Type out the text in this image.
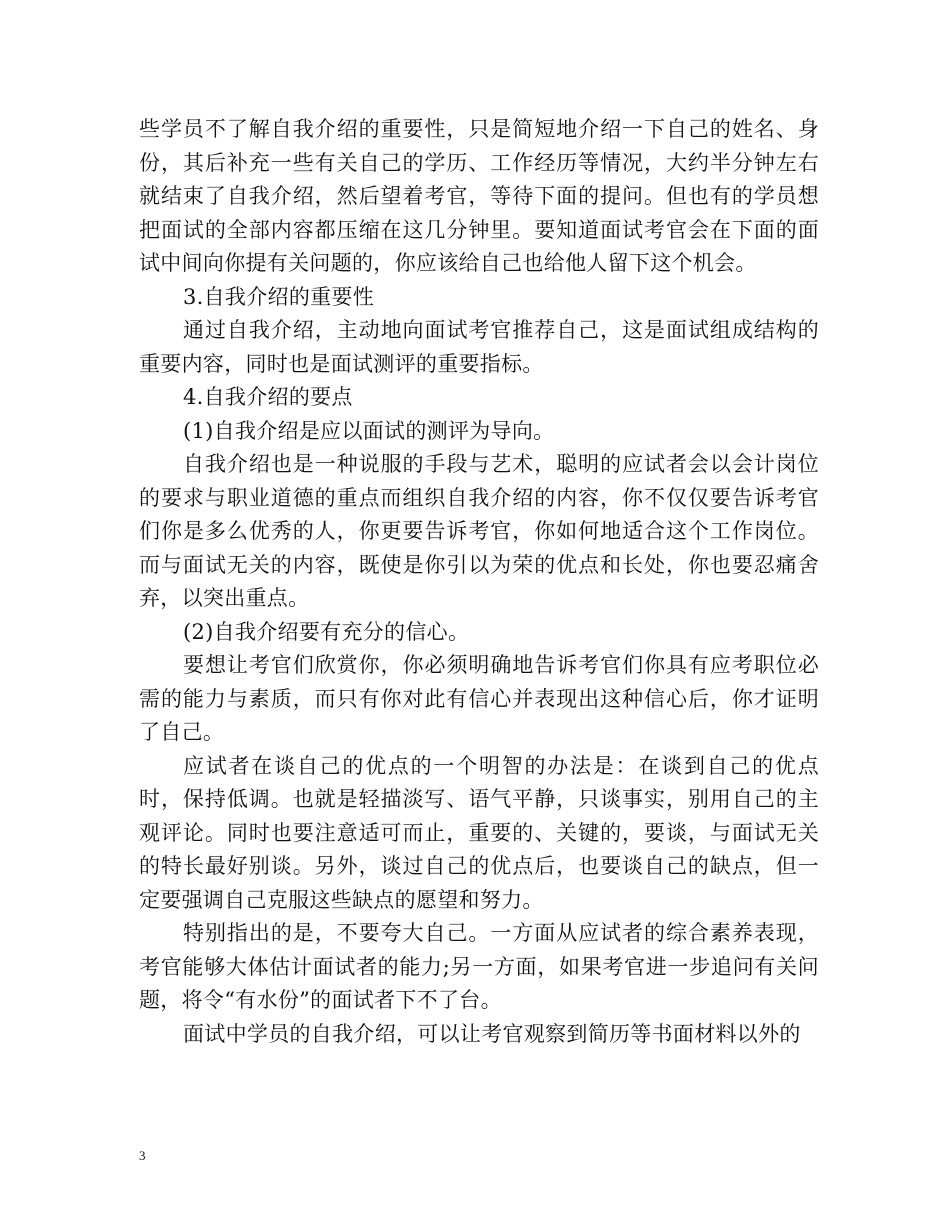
些学员不了解自我介绍的重要性，只是简短地介绍一下自己的姓名、身份，其后补充一些有关自己的学历、工作经历等情况，大约半分钟左右就结束了自我介绍，然后望着考官，等待下面的提问。但也有的学员想把面试的全部内容都压缩在这几分钟里。要知道面试考官会在下面的面试中间向你提有关问题的，你应该给自己也给他人留下这个机会。

3.自我介绍的重要性

通过自我介绍，主动地向面试考官推荐自己，这是面试组成结构的重要内容，同时也是面试测评的重要指标。

4.自我介绍的要点

(1)自我介绍是应以面试的测评为导向。

自我介绍也是一种说服的手段与艺术，聪明的应试者会以会计岗位的要求与职业道德的重点而组织自我介绍的内容，你不仅仅要告诉考官们你是多么优秀的人，你更要告诉考官，你如何地适合这个工作岗位。而与面试无关的内容，既使是你引以为荣的优点和长处，你也要忍痛舍弃，以突出重点。

(2)自我介绍要有充分的信心。

要想让考官们欣赏你，你必须明确地告诉考官们你具有应考职位必需的能力与素质，而只有你对此有信心并表现出这种信心后，你才证明了自己。

应试者在谈自己的优点的一个明智的办法是：在谈到自己的优点时，保持低调。也就是轻描淡写、语气平静，只谈事实，别用自己的主观评论。同时也要注意适可而止，重要的、关键的，要谈，与面试无关的特长最好别谈。另外，谈过自己的优点后，也要谈自己的缺点，但一定要强调自己克服这些缺点的愿望和努力。

特别指出的是，不要夸大自己。一方面从应试者的综合素养表现，考官能够大体估计面试者的能力;另一方面，如果考官进一步追问有关问题，将令“有水份”的面试者下不了台。

面试中学员的自我介绍，可以让考官观察到简历等书面材料以外的

3
